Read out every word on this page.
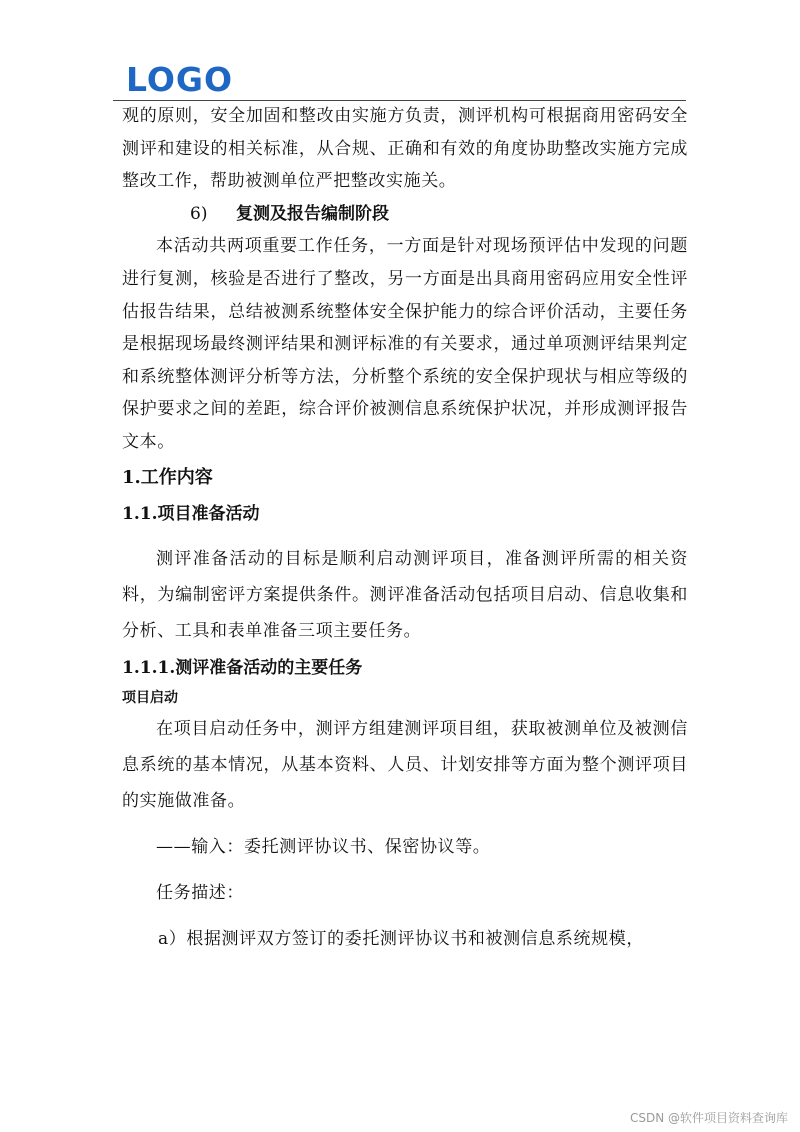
LOGO

观的原则，安全加固和整改由实施方负责，测评机构可根据商用密码安全测评和建设的相关标准，从合规、正确和有效的角度协助整改实施方完成整改工作，帮助被测单位严把整改实施关。

6) 复测及报告编制阶段

本活动共两项重要工作任务，一方面是针对现场预评估中发现的问题进行复测，核验是否进行了整改，另一方面是出具商用密码应用安全性评估报告结果，总结被测系统整体安全保护能力的综合评价活动，主要任务是根据现场最终测评结果和测评标准的有关要求，通过单项测评结果判定和系统整体测评分析等方法，分析整个系统的安全保护现状与相应等级的保护要求之间的差距，综合评价被测信息系统保护状况，并形成测评报告文本。

1.工作内容

1.1.项目准备活动

测评准备活动的目标是顺利启动测评项目，准备测评所需的相关资料，为编制密评方案提供条件。测评准备活动包括项目启动、信息收集和分析、工具和表单准备三项主要任务。

1.1.1.测评准备活动的主要任务

项目启动

在项目启动任务中，测评方组建测评项目组，获取被测单位及被测信息系统的基本情况，从基本资料、人员、计划安排等方面为整个测评项目的实施做准备。

——输入：委托测评协议书、保密协议等。

任务描述：

a）根据测评双方签订的委托测评协议书和被测信息系统规模，

CSDN @软件项目资料查询库
